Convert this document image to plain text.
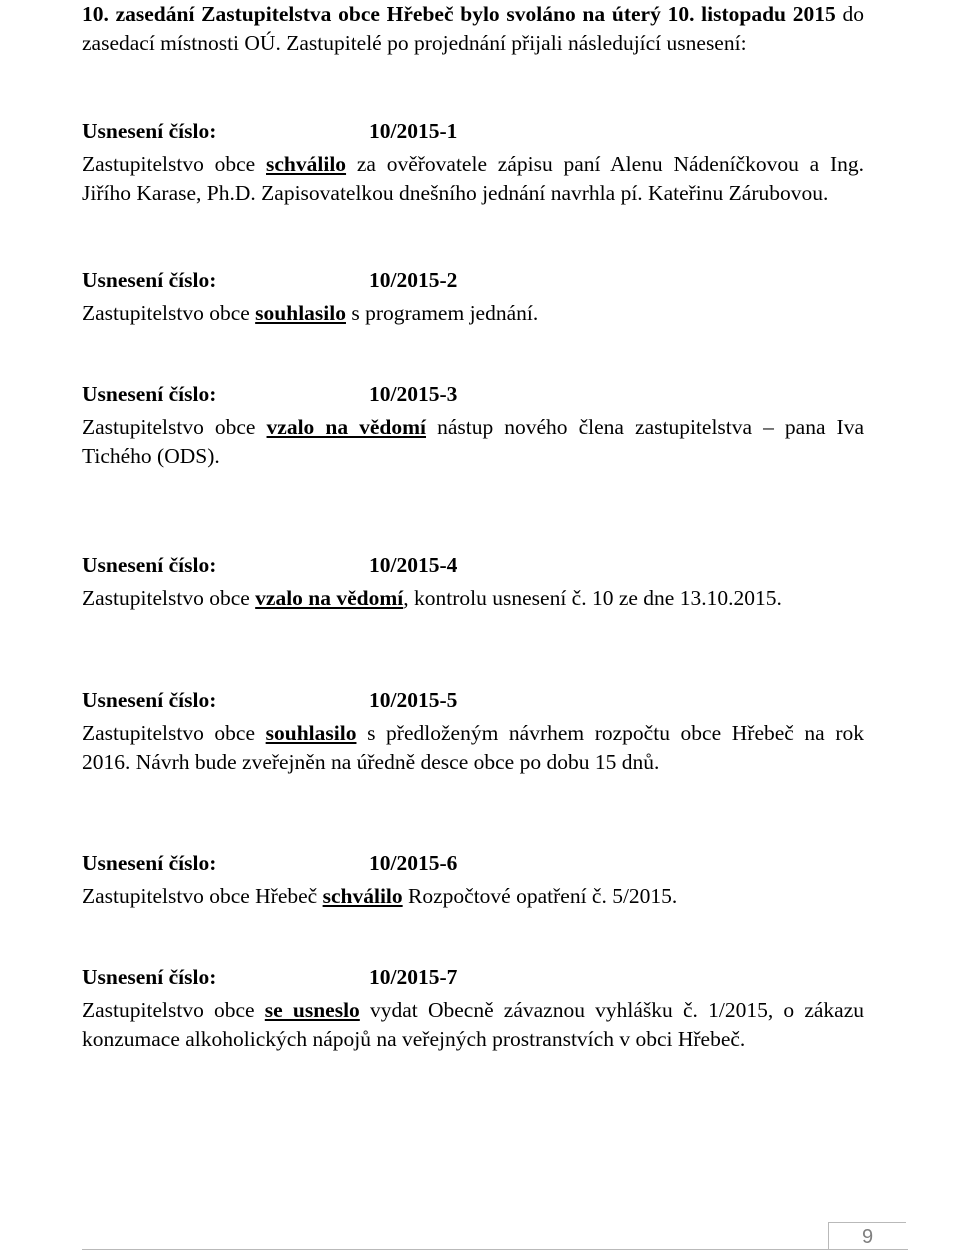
10. zasedání Zastupitelstva obce Hřebeč bylo svoláno na úterý 10. listopadu 2015 do zasedací místnosti OÚ. Zastupitelé po projednání přijali následující usnesení:

Usnesení číslo:	10/2015-1

Zastupitelstvo obce schválilo za ověřovatele zápisu paní Alenu Nádeníčkovou a Ing. Jiřího Karase, Ph.D. Zapisovatelkou dnešního jednání navrhla pí. Kateřinu Zárubovou.

Usnesení číslo:	10/2015-2

Zastupitelstvo obce souhlasilo s programem jednání.

Usnesení číslo:	10/2015-3

Zastupitelstvo obce vzalo na vědomí nástup nového člena zastupitelstva – pana Iva Tichého (ODS).

Usnesení číslo:	10/2015-4

Zastupitelstvo obce vzalo na vědomí, kontrolu usnesení č. 10 ze dne 13.10.2015.

Usnesení číslo:	10/2015-5

Zastupitelstvo obce souhlasilo s předloženým návrhem rozpočtu obce Hřebeč na rok 2016. Návrh bude zveřejněn na úředně desce obce po dobu 15 dnů.

Usnesení číslo:	10/2015-6

Zastupitelstvo obce Hřebeč schválilo Rozpočtové opatření č. 5/2015.

Usnesení číslo:	10/2015-7

Zastupitelstvo obce se usneslo vydat Obecně závaznou vyhlášku č. 1/2015, o zákazu konzumace alkoholických nápojů na veřejných prostranstvích v obci Hřebeč.

9
